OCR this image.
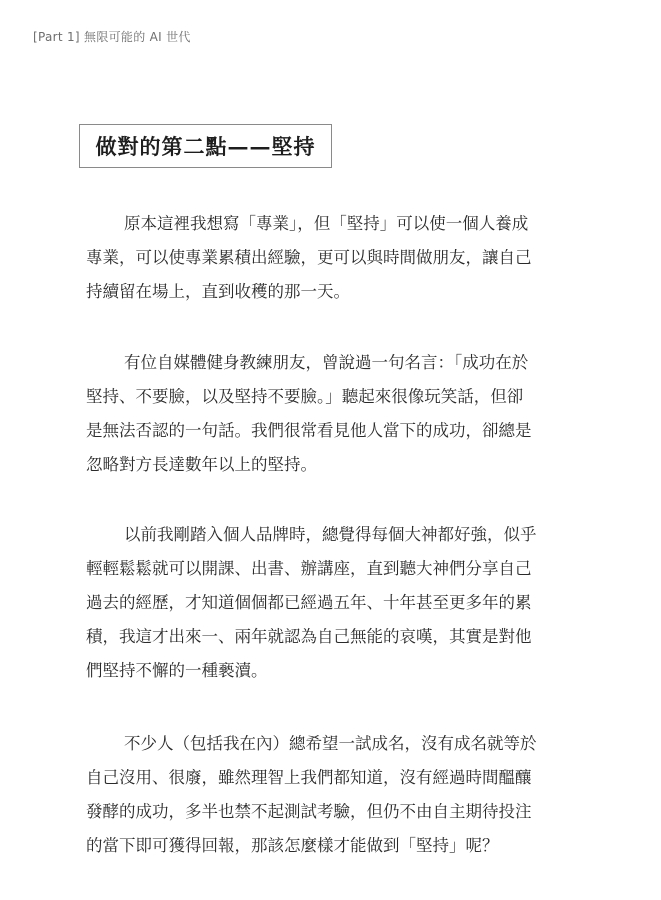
[Part 1] 無限可能的 AI 世代
做對的第二點——堅持
原本這裡我想寫「專業」，但「堅持」可以使一個人養成
專業，可以使專業累積出經驗，更可以與時間做朋友，讓自己
持續留在場上，直到收穫的那一天。
有位自媒體健身教練朋友，曾說過一句名言：「成功在於
堅持、不要臉，以及堅持不要臉。」聽起來很像玩笑話，但卻
是無法否認的一句話。我們很常看見他人當下的成功，卻總是
忽略對方長達數年以上的堅持。
以前我剛踏入個人品牌時，總覺得每個大神都好強，似乎
輕輕鬆鬆就可以開課、出書、辦講座，直到聽大神們分享自己
過去的經歷，才知道個個都已經過五年、十年甚至更多年的累
積，我這才出來一、兩年就認為自己無能的哀嘆，其實是對他
們堅持不懈的一種褻瀆。
不少人（包括我在內）總希望一試成名，沒有成名就等於
自己沒用、很廢，雖然理智上我們都知道，沒有經過時間醞釀
發酵的成功，多半也禁不起測試考驗，但仍不由自主期待投注
的當下即可獲得回報，那該怎麼樣才能做到「堅持」呢？
